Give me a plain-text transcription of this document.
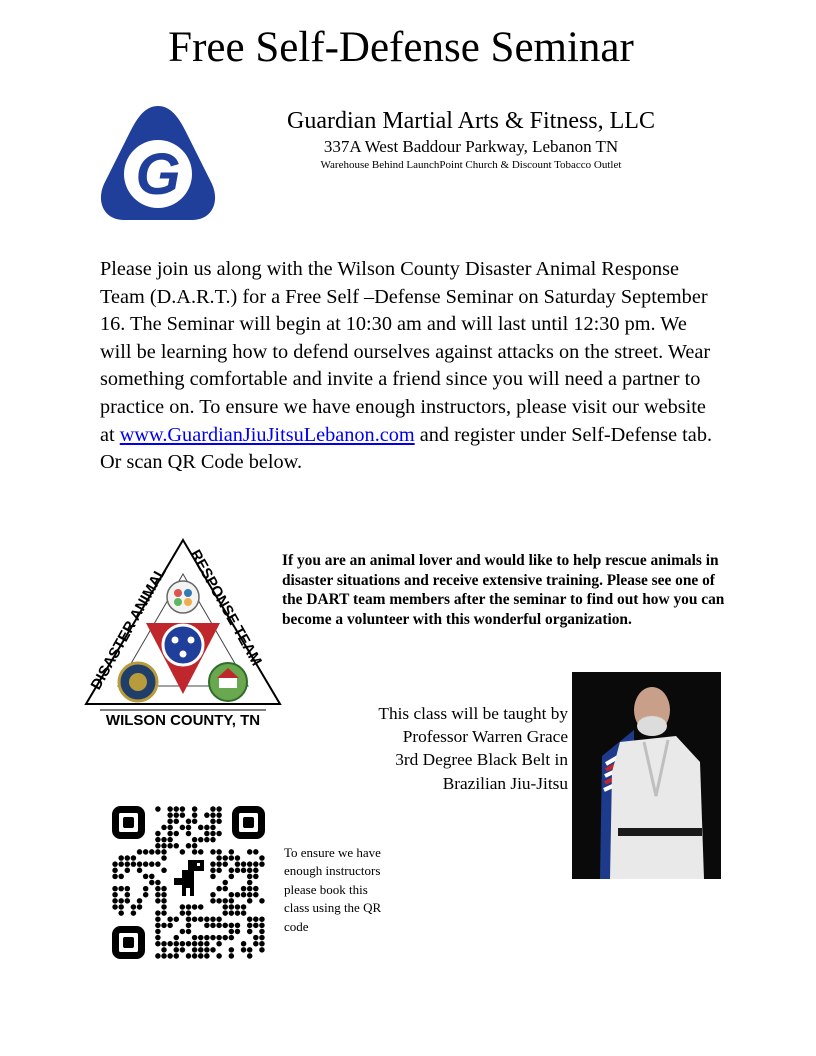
Free Self-Defense Seminar
G
Guardian Martial Arts & Fitness, LLC
337A West Baddour Parkway, Lebanon TN
Warehouse Behind LaunchPoint Church & Discount Tobacco Outlet
Please join us along with the Wilson County Disaster Animal Response Team (D.A.R.T.) for a Free Self –Defense Seminar on Saturday September 16. The Seminar will begin at 10:30 am and will last until 12:30 pm. We will be learning how to defend ourselves against attacks on the street. Wear something comfortable and invite a friend since you will need a partner to practice on. To ensure we have enough instructors, please visit our website at www.GuardianJiuJitsuLebanon.com and register under Self-Defense tab. Or scan QR Code below.
DISASTER ANIMAL
RESPONSE TEAM
WILSON COUNTY, TN
If you are an animal lover and would like to help rescue animals in disaster situations and receive extensive training. Please see one of the DART team members after the seminar to find out how you can become a volunteer with this wonderful organization.
This class will be taught by
Professor Warren Grace
3rd Degree Black Belt in
Brazilian Jiu-Jitsu
To ensure we have enough instructors please book this class using the QR code
